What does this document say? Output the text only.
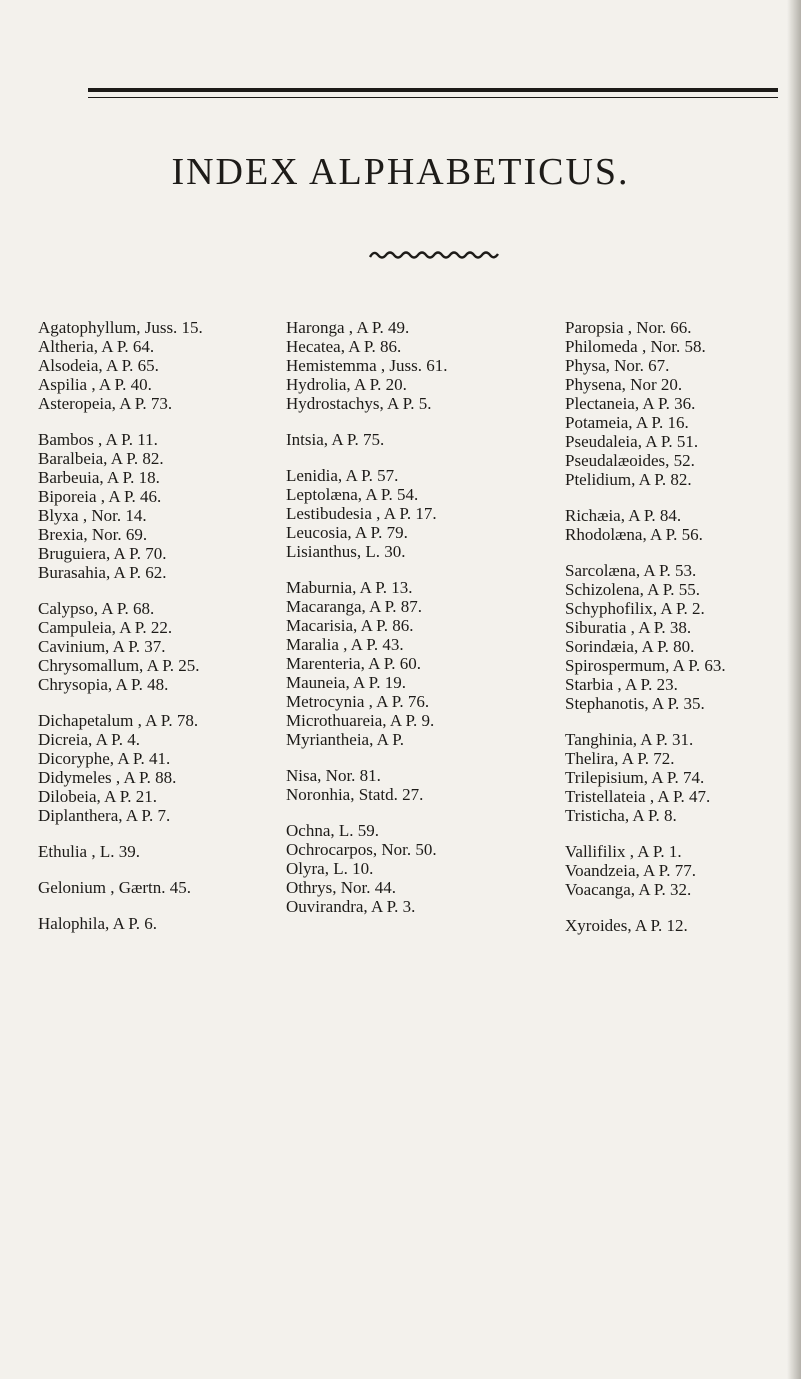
INDEX ALPHABETICUS.
Agatophyllum, Juss. 15.
Altheria, A P. 64.
Alsodeia, A P. 65.
Aspilia , A P. 40.
Asteropeia, A P. 73.
Bambos , A P. 11.
Baralbeia, A P. 82.
Barbeuia, A P. 18.
Biporeia , A P. 46.
Blyxa , Nor. 14.
Brexia, Nor. 69.
Bruguiera, A P. 70.
Burasahia, A P. 62.
Calypso, A P. 68.
Campuleia, A P. 22.
Cavinium, A P. 37.
Chrysomallum, A P. 25.
Chrysopia, A P. 48.
Dichapetalum , A P. 78.
Dicreia, A P. 4.
Dicoryphe, A P. 41.
Didymeles , A P. 88.
Dilobeia, A P. 21.
Diplanthera, A P. 7.
Ethulia , L. 39.
Gelonium , Gærtn. 45.
Halophila, A P. 6.
Haronga , A P. 49.
Hecatea, A P. 86.
Hemistemma , Juss. 61.
Hydrolia, A P. 20.
Hydrostachys, A P. 5.
Intsia, A P. 75.
Lenidia, A P. 57.
Leptolæna, A P. 54.
Lestibudesia , A P. 17.
Leucosia, A P. 79.
Lisianthus, L. 30.
Maburnia, A P. 13.
Macaranga, A P. 87.
Macarisia, A P. 86.
Maralia , A P. 43.
Marenteria, A P. 60.
Mauneia, A P. 19.
Metrocynia , A P. 76.
Microthuareia, A P. 9.
Myriantheia, A P.
Nisa, Nor. 81.
Noronhia, Statd. 27.
Ochna, L. 59.
Ochrocarpos, Nor. 50.
Olyra, L. 10.
Othrys, Nor. 44.
Ouvirandra, A P. 3.
Paropsia , Nor. 66.
Philomeda , Nor. 58.
Physa, Nor. 67.
Physena, Nor 20.
Plectaneia, A P. 36.
Potameia, A P. 16.
Pseudaleia, A P. 51.
Pseudalæoides, 52.
Ptelidium, A P. 82.
Richæia, A P. 84.
Rhodolæna, A P. 56.
Sarcolæna, A P. 53.
Schizolena, A P. 55.
Schyphofilix, A P. 2.
Siburatia , A P. 38.
Sorindæia, A P. 80.
Spirospermum, A P. 63.
Starbia , A P. 23.
Stephanotis, A P. 35.
Tanghinia, A P. 31.
Thelira, A P. 72.
Trilepisium, A P. 74.
Tristellateia , A P. 47.
Tristicha, A P. 8.
Vallifilix , A P. 1.
Voandzeia, A P. 77.
Voacanga, A P. 32.
Xyroides, A P. 12.
